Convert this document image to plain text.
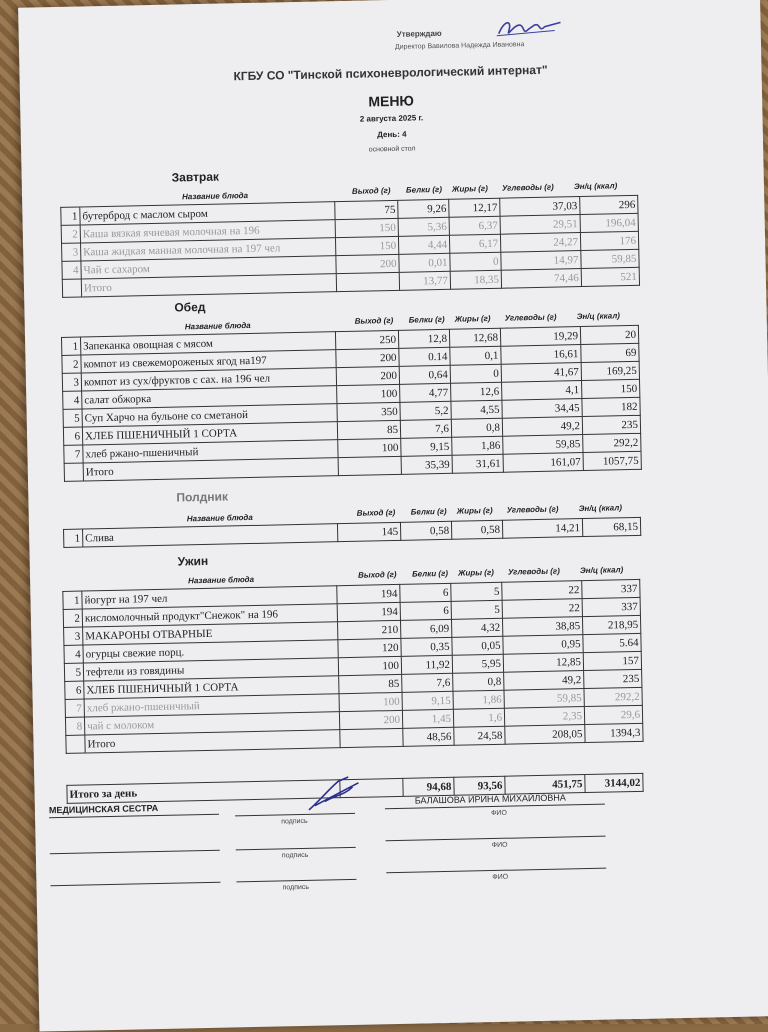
Утверждаю
Директор Вавилова Надежда Ивановна
КГБУ СО "Тинской психоневрологический интернат"
МЕНЮ
2 августа 2025 г.
День: 4
основной стол
Завтрак
Название блюда
Выход (г) Белки (г) Жиры (г) Углеводы (г) Эн/ц (ккал)
1	бутерброд с маслом сыром	75	9,26	12,17	37,03	296
2	Каша вязкая ячневая молочная на 196	150	5,36	6,37	29,51	196,04
3	Каша жидкая манная молочная на 197 чел	150	4,44	6,17	24,27	176
4	Чай с сахаром	200	0,01	0	14,97	59,85
	Итого		13,77	18,35	74,46	521
Обед
Название блюда
Выход (г) Белки (г) Жиры (г) Углеводы (г) Эн/ц (ккал)
1	Запеканка овощная с мясом	250	12,8	12,68	19,29	20
2	компот из свежемороженых ягод на197	200	0.14	0,1	16,61	69
3	компот из сух/фруктов с сах. на 196 чел	200	0,64	0	41,67	169,25
4	салат обжорка	100	4,77	12,6	4,1	150
5	Суп Харчо на бульоне со сметаной	350	5,2	4,55	34,45	182
6	ХЛЕБ ПШЕНИЧНЫЙ 1 СОРТА	85	7,6	0,8	49,2	235
7	хлеб ржано-пшеничный	100	9,15	1,86	59,85	292,2
	Итого		35,39	31,61	161,07	1057,75
Полдник
Название блюда
Выход (г) Белки (г) Жиры (г) Углеводы (г) Эн/ц (ккал)
1	Слива	145	0,58	0,58	14,21	68,15
Ужин
Название блюда
Выход (г) Белки (г) Жиры (г) Углеводы (г) Эн/ц (ккал)
1	йогурт на 197 чел	194	6	5	22	337
2	кисломолочный продукт"Снежок" на 196	194	6	5	22	337
3	МАКАРОНЫ ОТВАРНЫЕ	210	6,09	4,32	38,85	218,95
4	огурцы свежие порц.	120	0,35	0,05	0,95	5.64
5	тефтели из говядины	100	11,92	5,95	12,85	157
6	ХЛЕБ ПШЕНИЧНЫЙ 1 СОРТА	85	7,6	0,8	49,2	235
7	хлеб ржано-пшеничный	100	9,15	1,86	59,85	292,2
8	чай с молоком	200	1,45	1,6	2,35	29,6
	Итого		48,56	24,58	208,05	1394,3
Итого за день		94,68	93,56	451,75	3144,02
МЕДИЦИНСКАЯ СЕСТРА
подпись
БАЛАШОВА ИРИНА МИХАЙЛОВНА
ФИО
подпись
ФИО
подпись
ФИО
